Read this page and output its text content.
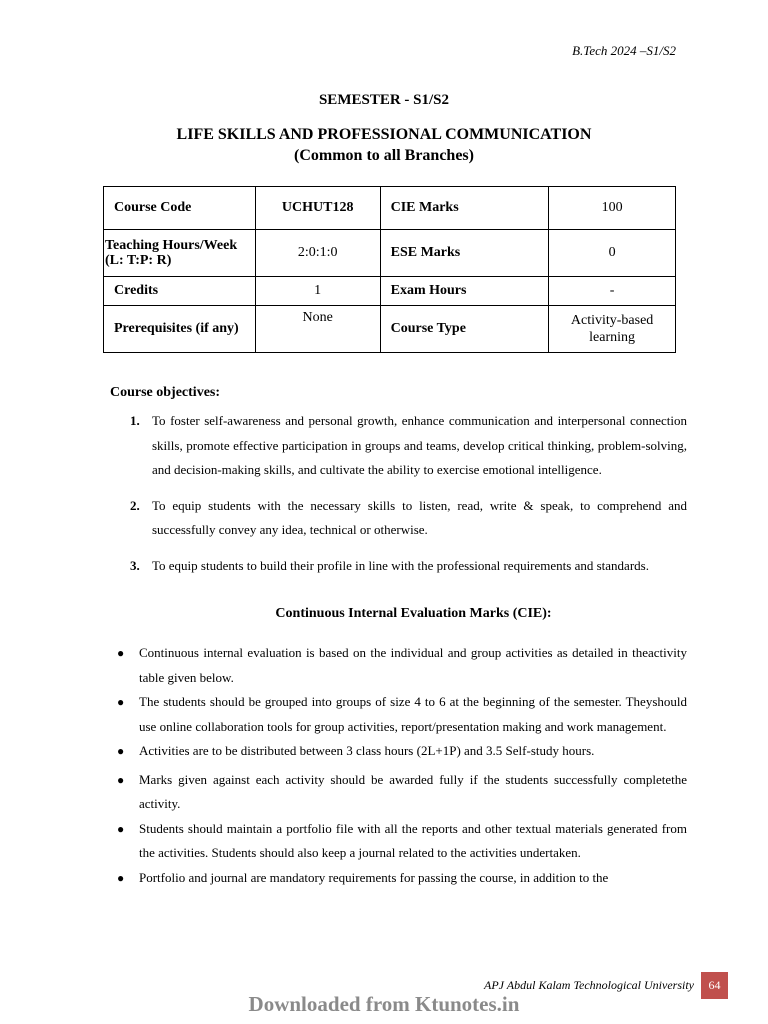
B.Tech 2024 –S1/S2
SEMESTER - S1/S2
LIFE SKILLS AND PROFESSIONAL COMMUNICATION
(Common to all Branches)
Course Code	UCHUT128	CIE Marks	100

Teaching Hours/Week
(L: T:P: R)	2:0:1:0	ESE Marks	0
Credits	1	Exam Hours	-
Prerequisites (if any)	None	Course Type	Activity-based
learning
Course objectives:
1. To foster self-awareness and personal growth, enhance communication and interpersonal connection skills, promote effective participation in groups and teams, develop critical thinking, problem-solving, and decision-making skills, and cultivate the ability to exercise emotional intelligence.
2. To equip students with the necessary skills to listen, read, write & speak, to comprehend and successfully convey any idea, technical or otherwise.
3. To equip students to build their profile in line with the professional requirements and standards.
Continuous Internal Evaluation Marks (CIE):
● Continuous internal evaluation is based on the individual and group activities as detailed in theactivity table given below.
● The students should be grouped into groups of size 4 to 6 at the beginning of the semester. Theyshould use online collaboration tools for group activities, report/presentation making and work management.
● Activities are to be distributed between 3 class hours (2L+1P) and 3.5 Self-study hours.
● Marks given against each activity should be awarded fully if the students successfully completethe activity.
● Students should maintain a portfolio file with all the reports and other textual materials generated from the activities. Students should also keep a journal related to the activities undertaken.
● Portfolio and journal are mandatory requirements for passing the course, in addition to the
APJ Abdul Kalam Technological University	64
Downloaded from Ktunotes.in
